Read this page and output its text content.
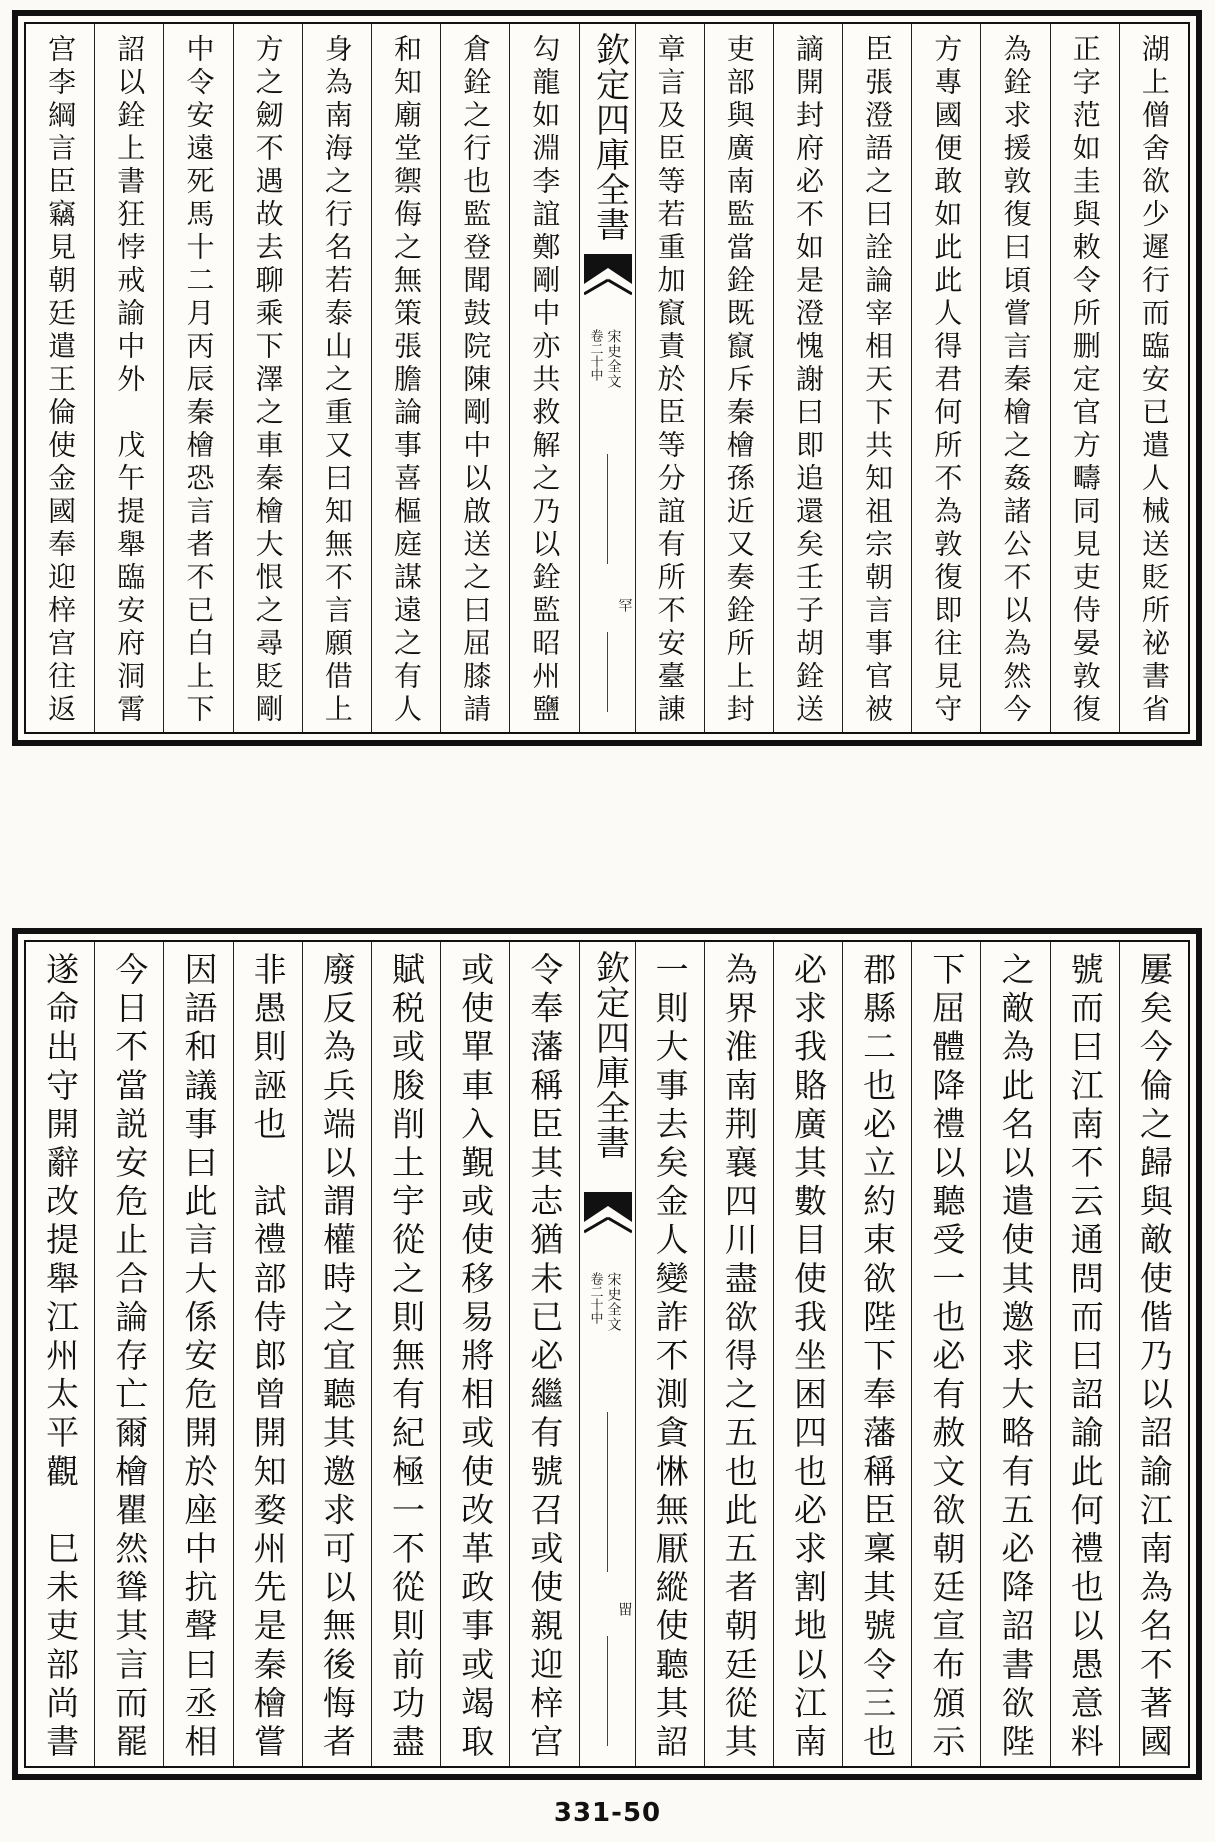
湖上僧舍欲少遲行而臨安已遣人械送貶所祕書省
正字范如圭與敕令所删定官方疇同見吏侍晏敦復
為銓求援敦復曰頃嘗言秦檜之姦諸公不以為然今
方專國便敢如此此人得君何所不為敦復即往見守
臣張澄語之曰詮論宰相天下共知祖宗朝言事官被
謫開封府必不如是澄愧謝曰即追還矣壬子胡銓送
吏部與廣南監當銓既竄斥秦檜孫近又奏銓所上封
章言及臣等若重加竄責於臣等分誼有所不安臺諌
欽定四庫全書
宋史全文
卷二十中
罕
勾龍如淵李誼鄭剛中亦共救解之乃以銓監昭州鹽
倉銓之行也監登聞鼓院陳剛中以啟送之曰屈膝請
和知廟堂禦侮之無策張膽論事喜樞庭謀遠之有人
身為南海之行名若泰山之重又曰知無不言願借上
方之劒不遇故去聊乘下澤之車秦檜大恨之尋貶剛
中令安遠死馬十二月丙辰秦檜恐言者不已白上下
詔以銓上書狂悖戒諭中外　戊午提舉臨安府洞霄
宫李綱言臣竊見朝廷遣王倫使金國奉迎梓宫往返
屢矣今倫之歸與敵使偕乃以詔諭江南為名不著國
號而曰江南不云通問而曰詔諭此何禮也以愚意料
之敵為此名以遣使其邀求大略有五必降詔書欲陛
下屈體降禮以聽受一也必有赦文欲朝廷宣布頒示
郡縣二也必立約束欲陛下奉藩稱臣稟其號令三也
必求我賂廣其數目使我坐困四也必求割地以江南
為界淮南荆襄四川盡欲得之五也此五者朝廷從其
一則大事去矣金人變詐不測貪惏無厭縱使聽其詔
欽定四庫全書
宋史全文
卷二十中
㽞
令奉藩稱臣其志猶未已必繼有號召或使親迎梓宫
或使單車入覲或使移易將相或使改革政事或竭取
賦税或朘削土宇從之則無有紀極一不從則前功盡
廢反為兵端以謂權時之宜聽其邀求可以無後悔者
非愚則誣也　試禮部侍郎曾開知婺州先是秦檜嘗
因語和議事曰此言大係安危開於座中抗聲曰丞相
今日不當説安危止合論存亡爾檜瞿然聳其言而罷
遂命出守開辭改提舉江州太平觀　巳未吏部尚書
331-50
